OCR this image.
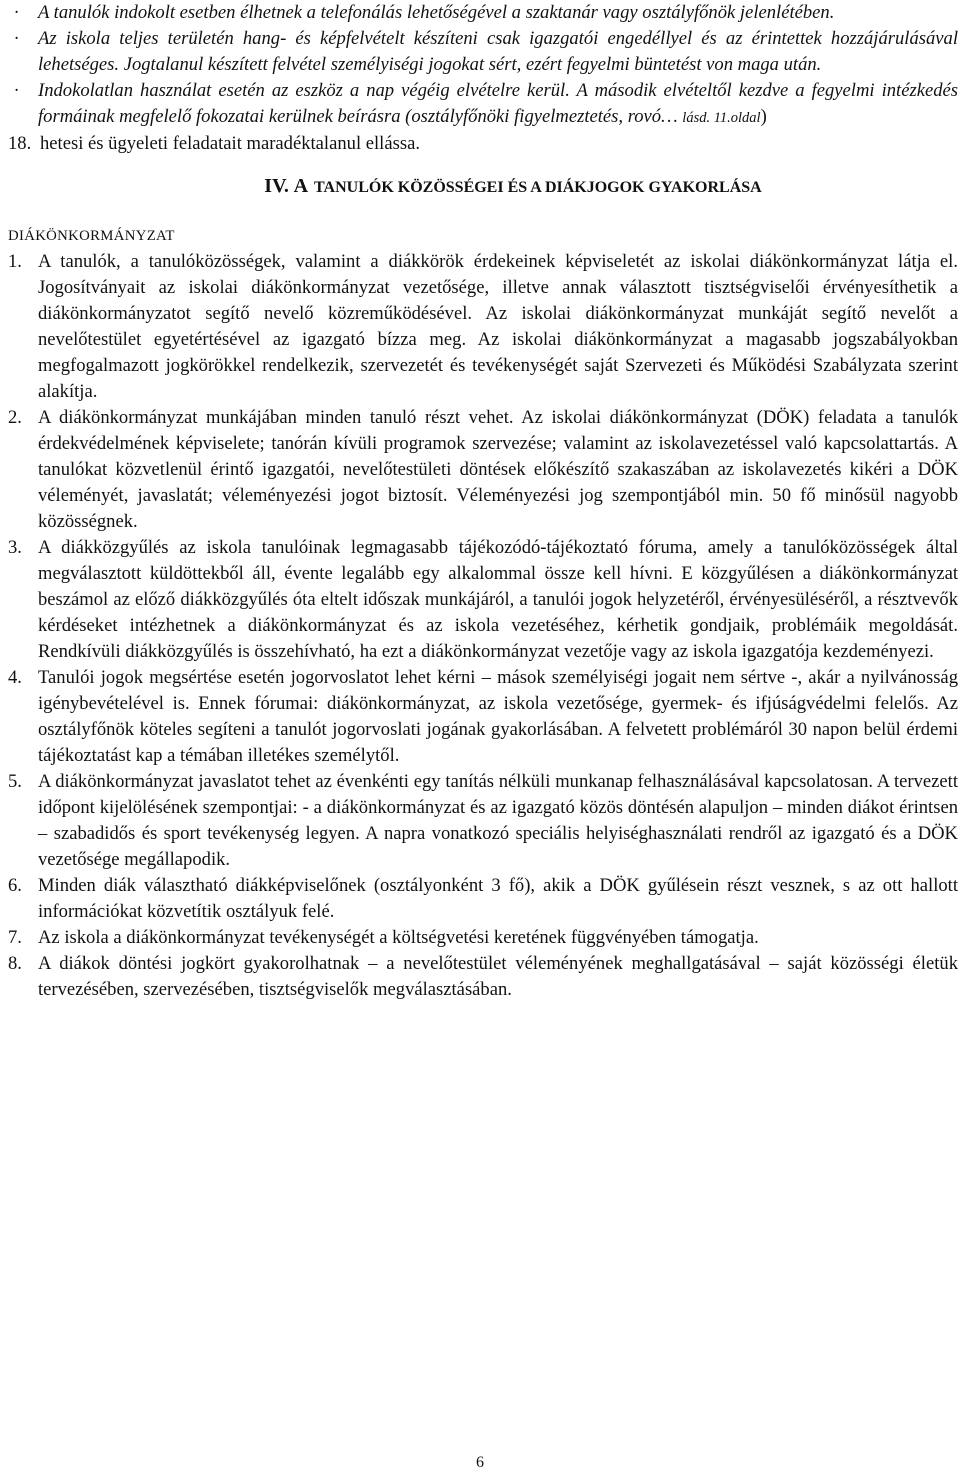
· A tanulók indokolt esetben élhetnek a telefonálás lehetőségével a szaktanár vagy osztályfőnök jelenlétében.
· Az iskola teljes területén hang- és képfelvételt készíteni csak igazgatói engedéllyel és az érintettek hozzájárulásával lehetséges. Jogtalanul készített felvétel személyiségi jogokat sért, ezért fegyelmi büntetést von maga után.
· Indokolatlan használat esetén az eszköz a nap végéig elvételre kerül. A második elvételtől kezdve a fegyelmi intézkedés formáinak megfelelő fokozatai kerülnek beírásra (osztályfőnöki figyelmeztetés, rovó… lásd. 11.oldal)
18. hetesi és ügyeleti feladatait maradéktalanul ellássa.
IV. A TANULÓK KÖZÖSSÉGEI ÉS A DIÁKJOGOK GYAKORLÁSA
DIÁKÖNKORMÁNYZAT
1. A tanulók, a tanulóközösségek, valamint a diákkörök érdekeinek képviseletét az iskolai diákönkormányzat látja el. Jogosítványait az iskolai diákönkormányzat vezetősége, illetve annak választott tisztségviselői érvényesíthetik a diákönkormányzatot segítő nevelő közreműködésével. Az iskolai diákönkormányzat munkáját segítő nevelőt a nevelőtestület egyetértésével az igazgató bízza meg. Az iskolai diákönkormányzat a magasabb jogszabályokban megfogalmazott jogkörökkel rendelkezik, szervezetét és tevékenységét saját Szervezeti és Működési Szabályzata szerint alakítja.
2. A diákönkormányzat munkájában minden tanuló részt vehet. Az iskolai diákönkormányzat (DÖK) feladata a tanulók érdekvédelmének képviselete; tanórán kívüli programok szervezése; valamint az iskolavezetéssel való kapcsolattartás. A tanulókat közvetlenül érintő igazgatói, nevelőtestületi döntések előkészítő szakaszában az iskolavezetés kikéri a DÖK véleményét, javaslatát; véleményezési jogot biztosít. Véleményezési jog szempontjából min. 50 fő minősül nagyobb közösségnek.
3. A diákközgyűlés az iskola tanulóinak legmagasabb tájékozódó-tájékoztató fóruma, amely a tanulóközösségek által megválasztott küldöttekből áll, évente legalább egy alkalommal össze kell hívni. E közgyűlésen a diákönkormányzat beszámol az előző diákközgyűlés óta eltelt időszak munkájáról, a tanulói jogok helyzetéről, érvényesüléséről, a résztvevők kérdéseket intézhetnek a diákönkormányzat és az iskola vezetéséhez, kérhetik gondjaik, problémáik megoldását. Rendkívüli diákközgyűlés is összehívható, ha ezt a diákönkormányzat vezetője vagy az iskola igazgatója kezdeményezi.
4. Tanulói jogok megsértése esetén jogorvoslatot lehet kérni – mások személyiségi jogait nem sértve -, akár a nyilvánosság igénybevételével is. Ennek fórumai: diákönkormányzat, az iskola vezetősége, gyermek- és ifjúságvédelmi felelős. Az osztályfőnök köteles segíteni a tanulót jogorvoslati jogának gyakorlásában. A felvetett problémáról 30 napon belül érdemi tájékoztatást kap a témában illetékes személytől.
5. A diákönkormányzat javaslatot tehet az évenkénti egy tanítás nélküli munkanap felhasználásával kapcsolatosan. A tervezett időpont kijelölésének szempontjai: - a diákönkormányzat és az igazgató közös döntésén alapuljon – minden diákot érintsen – szabadidős és sport tevékenység legyen. A napra vonatkozó speciális helyiséghasználati rendről az igazgató és a DÖK vezetősége megállapodik.
6. Minden diák választható diákképviselőnek (osztályonként 3 fő), akik a DÖK gyűlésein részt vesznek, s az ott hallott információkat közvetítik osztályuk felé.
7. Az iskola a diákönkormányzat tevékenységét a költségvetési keretének függvényében támogatja.
8. A diákok döntési jogkört gyakorolhatnak – a nevelőtestület véleményének meghallgatásával – saját közösségi életük tervezésében, szervezésében, tisztségviselők megválasztásában.
6
